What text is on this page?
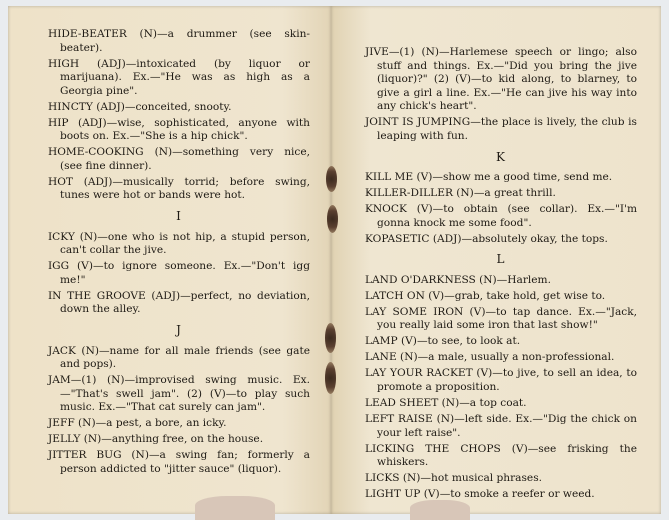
HIDE-BEATER (N)—a drummer (see skin-beater).

HIGH (ADJ)—intoxicated (by liquor or marijuana). Ex.—"He was as high as a Georgia pine".

HINCTY (ADJ)—conceited, snooty.

HIP (ADJ)—wise, sophisticated, anyone with boots on. Ex.—"She is a hip chick".

HOME-COOKING (N)—something very nice, (see fine dinner).

HOT (ADJ)—musically torrid; before swing, tunes were hot or bands were hot.

I

ICKY (N)—one who is not hip, a stupid person, can't collar the jive.

IGG (V)—to ignore someone. Ex.—"Don't igg me!"

IN THE GROOVE (ADJ)—perfect, no deviation, down the alley.

J

JACK (N)—name for all male friends (see gate and pops).

JAM—(1) (N)—improvised swing music. Ex.—"That's swell jam". (2) (V)—to play such music. Ex.—"That cat surely can jam".

JEFF (N)—a pest, a bore, an icky.

JELLY (N)—anything free, on the house.

JITTER BUG (N)—a swing fan; formerly a person addicted to "jitter sauce" (liquor).

JIVE—(1) (N)—Harlemese speech or lingo; also stuff and things. Ex.—"Did you bring the jive (liquor)?" (2) (V)—to kid along, to blarney, to give a girl a line. Ex.—"He can jive his way into any chick's heart".

JOINT IS JUMPING—the place is lively, the club is leaping with fun.

K

KILL ME (V)—show me a good time, send me.

KILLER-DILLER (N)—a great thrill.

KNOCK (V)—to obtain (see collar). Ex.—"I'm gonna knock me some food".

KOPASETIC (ADJ)—absolutely okay, the tops.

L

LAND O'DARKNESS (N)—Harlem.

LATCH ON (V)—grab, take hold, get wise to.

LAY SOME IRON (V)—to tap dance. Ex.—"Jack, you really laid some iron that last show!"

LAMP (V)—to see, to look at.

LANE (N)—a male, usually a non-professional.

LAY YOUR RACKET (V)—to jive, to sell an idea, to promote a proposition.

LEAD SHEET (N)—a top coat.

LEFT RAISE (N)—left side. Ex.—"Dig the chick on your left raise".

LICKING THE CHOPS (V)—see frisking the whiskers.

LICKS (N)—hot musical phrases.

LIGHT UP (V)—to smoke a reefer or weed.
